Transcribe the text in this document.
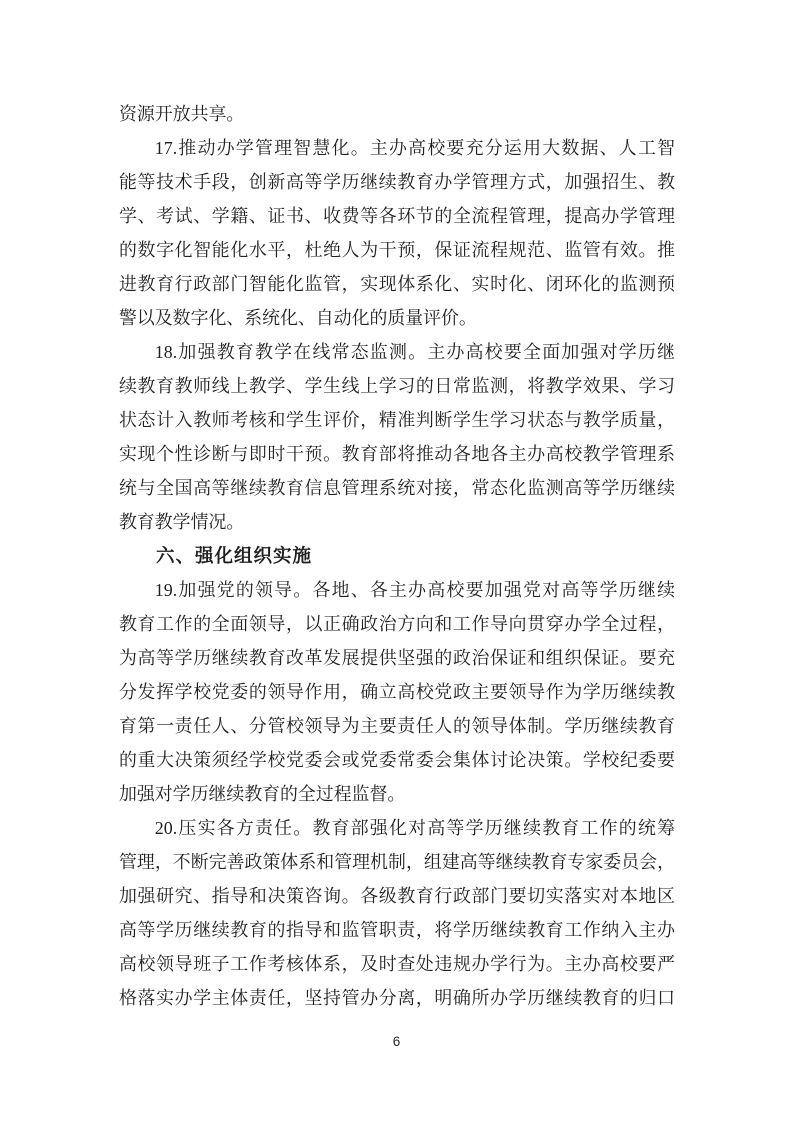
资源开放共享。
17.推动办学管理智慧化。主办高校要充分运用大数据、人工智
能等技术手段，创新高等学历继续教育办学管理方式，加强招生、教
学、考试、学籍、证书、收费等各环节的全流程管理，提高办学管理
的数字化智能化水平，杜绝人为干预，保证流程规范、监管有效。推
进教育行政部门智能化监管，实现体系化、实时化、闭环化的监测预
警以及数字化、系统化、自动化的质量评价。
18.加强教育教学在线常态监测。主办高校要全面加强对学历继
续教育教师线上教学、学生线上学习的日常监测，将教学效果、学习
状态计入教师考核和学生评价，精准判断学生学习状态与教学质量，
实现个性诊断与即时干预。教育部将推动各地各主办高校教学管理系
统与全国高等继续教育信息管理系统对接，常态化监测高等学历继续
教育教学情况。
六、强化组织实施
19.加强党的领导。各地、各主办高校要加强党对高等学历继续
教育工作的全面领导，以正确政治方向和工作导向贯穿办学全过程，
为高等学历继续教育改革发展提供坚强的政治保证和组织保证。要充
分发挥学校党委的领导作用，确立高校党政主要领导作为学历继续教
育第一责任人、分管校领导为主要责任人的领导体制。学历继续教育
的重大决策须经学校党委会或党委常委会集体讨论决策。学校纪委要
加强对学历继续教育的全过程监督。
20.压实各方责任。教育部强化对高等学历继续教育工作的统筹
管理，不断完善政策体系和管理机制，组建高等继续教育专家委员会，
加强研究、指导和决策咨询。各级教育行政部门要切实落实对本地区
高等学历继续教育的指导和监管职责，将学历继续教育工作纳入主办
高校领导班子工作考核体系，及时查处违规办学行为。主办高校要严
格落实办学主体责任，坚持管办分离，明确所办学历继续教育的归口
6
